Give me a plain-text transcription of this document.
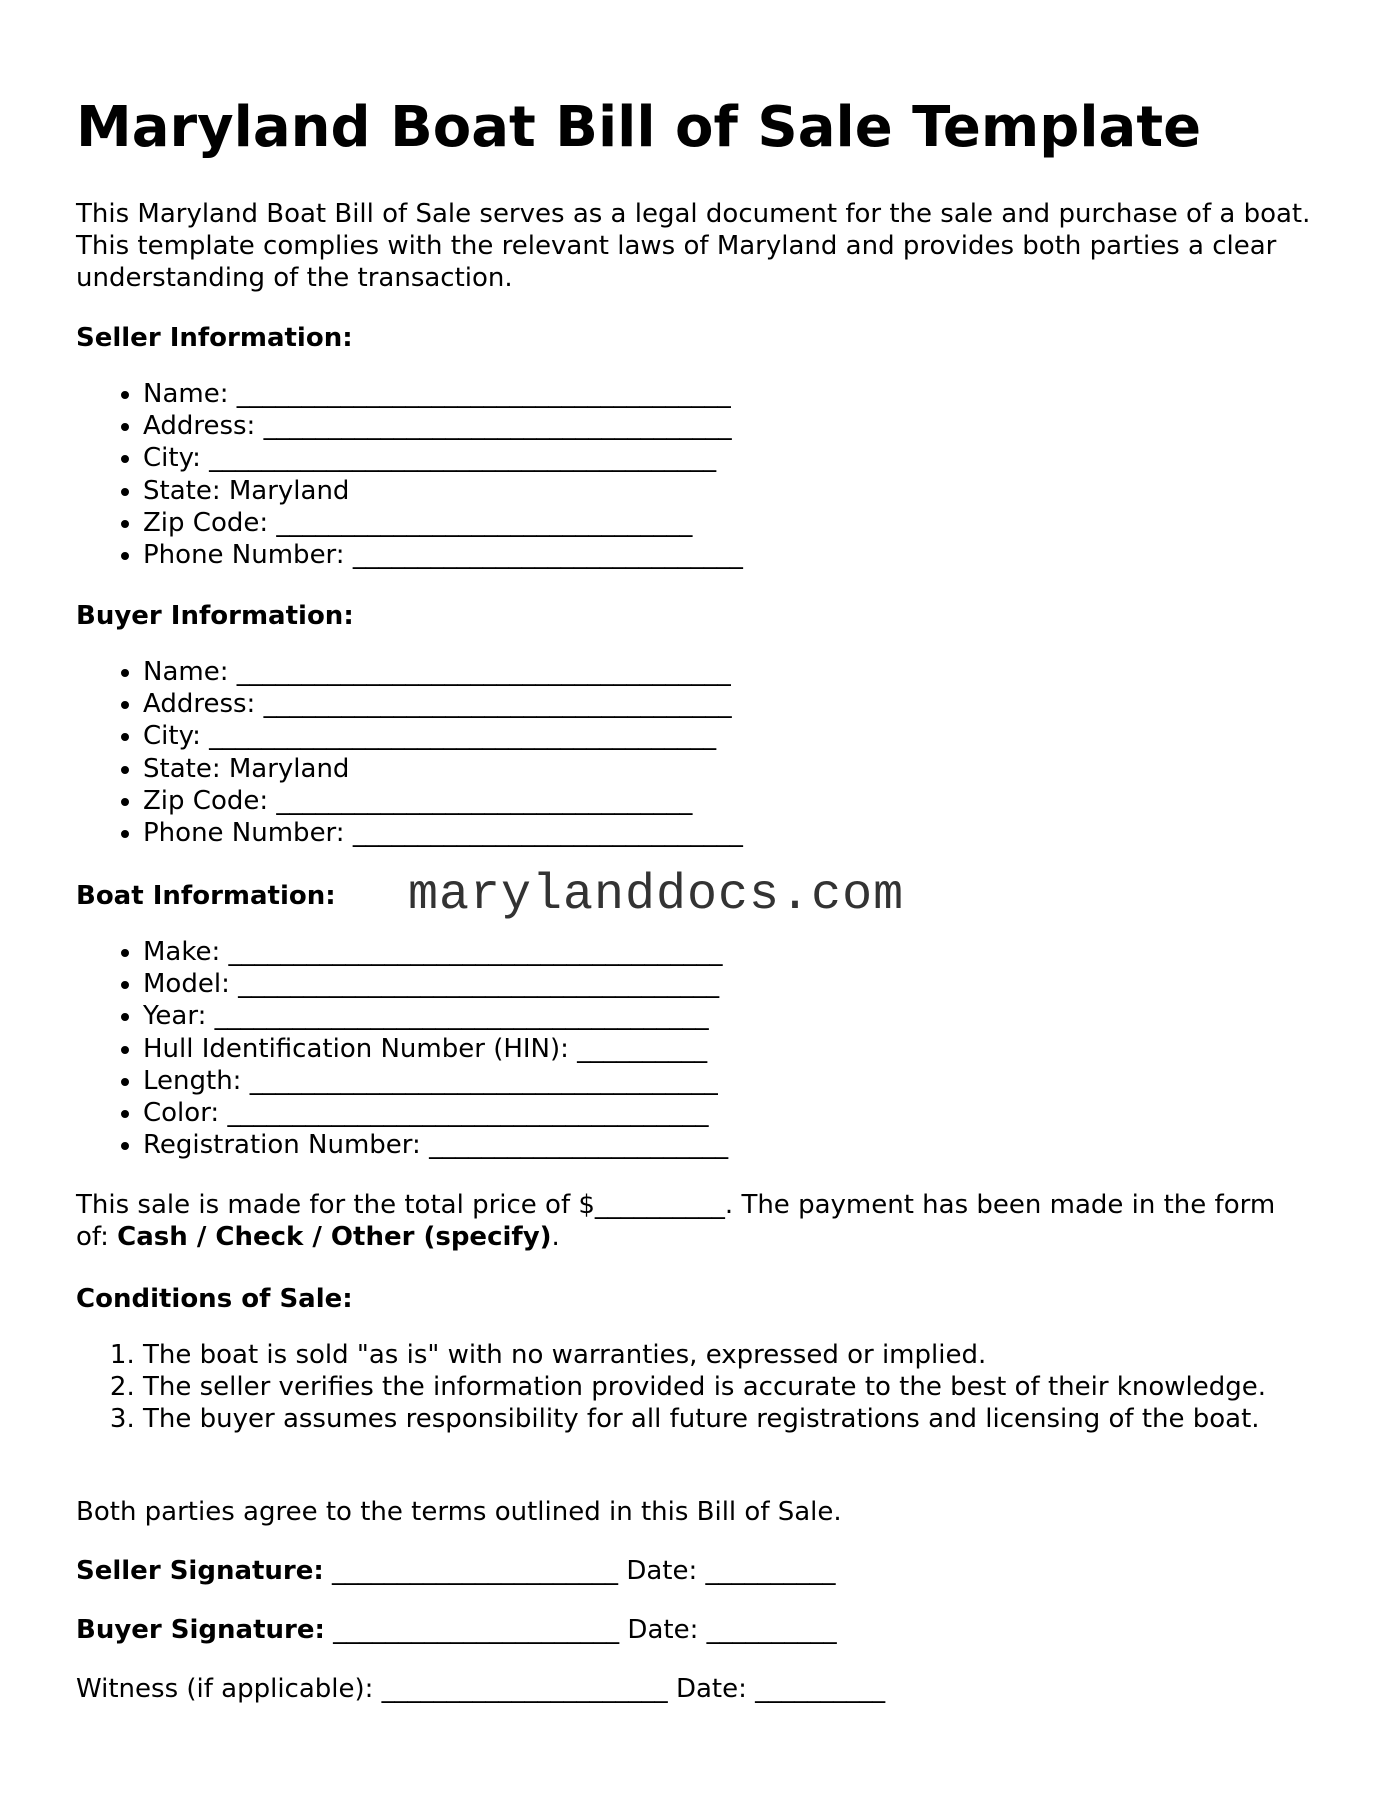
Maryland Boat Bill of Sale Template

This Maryland Boat Bill of Sale serves as a legal document for the sale and purchase of a boat. This template complies with the relevant laws of Maryland and provides both parties a clear understanding of the transaction.

Seller Information:

• Name: ______________________________________
• Address: ____________________________________
• City: _______________________________________
• State: Maryland
• Zip Code: ________________________________
• Phone Number: ______________________________

Buyer Information:

• Name: ______________________________________
• Address: ____________________________________
• City: _______________________________________
• State: Maryland
• Zip Code: ________________________________
• Phone Number: ______________________________

Boat Information:

• Make: ______________________________________
• Model: _____________________________________
• Year: ______________________________________
• Hull Identification Number (HIN): __________
• Length: ____________________________________
• Color: _____________________________________
• Registration Number: _______________________

This sale is made for the total price of $__________. The payment has been made in the form of: Cash / Check / Other (specify).

Conditions of Sale:

1. The boat is sold "as is" with no warranties, expressed or implied.
2. The seller verifies the information provided is accurate to the best of their knowledge.
3. The buyer assumes responsibility for all future registrations and licensing of the boat.

Both parties agree to the terms outlined in this Bill of Sale.

Seller Signature: ______________________ Date: __________

Buyer Signature: ______________________ Date: __________

Witness (if applicable): ______________________ Date: __________

marylanddocs.com
